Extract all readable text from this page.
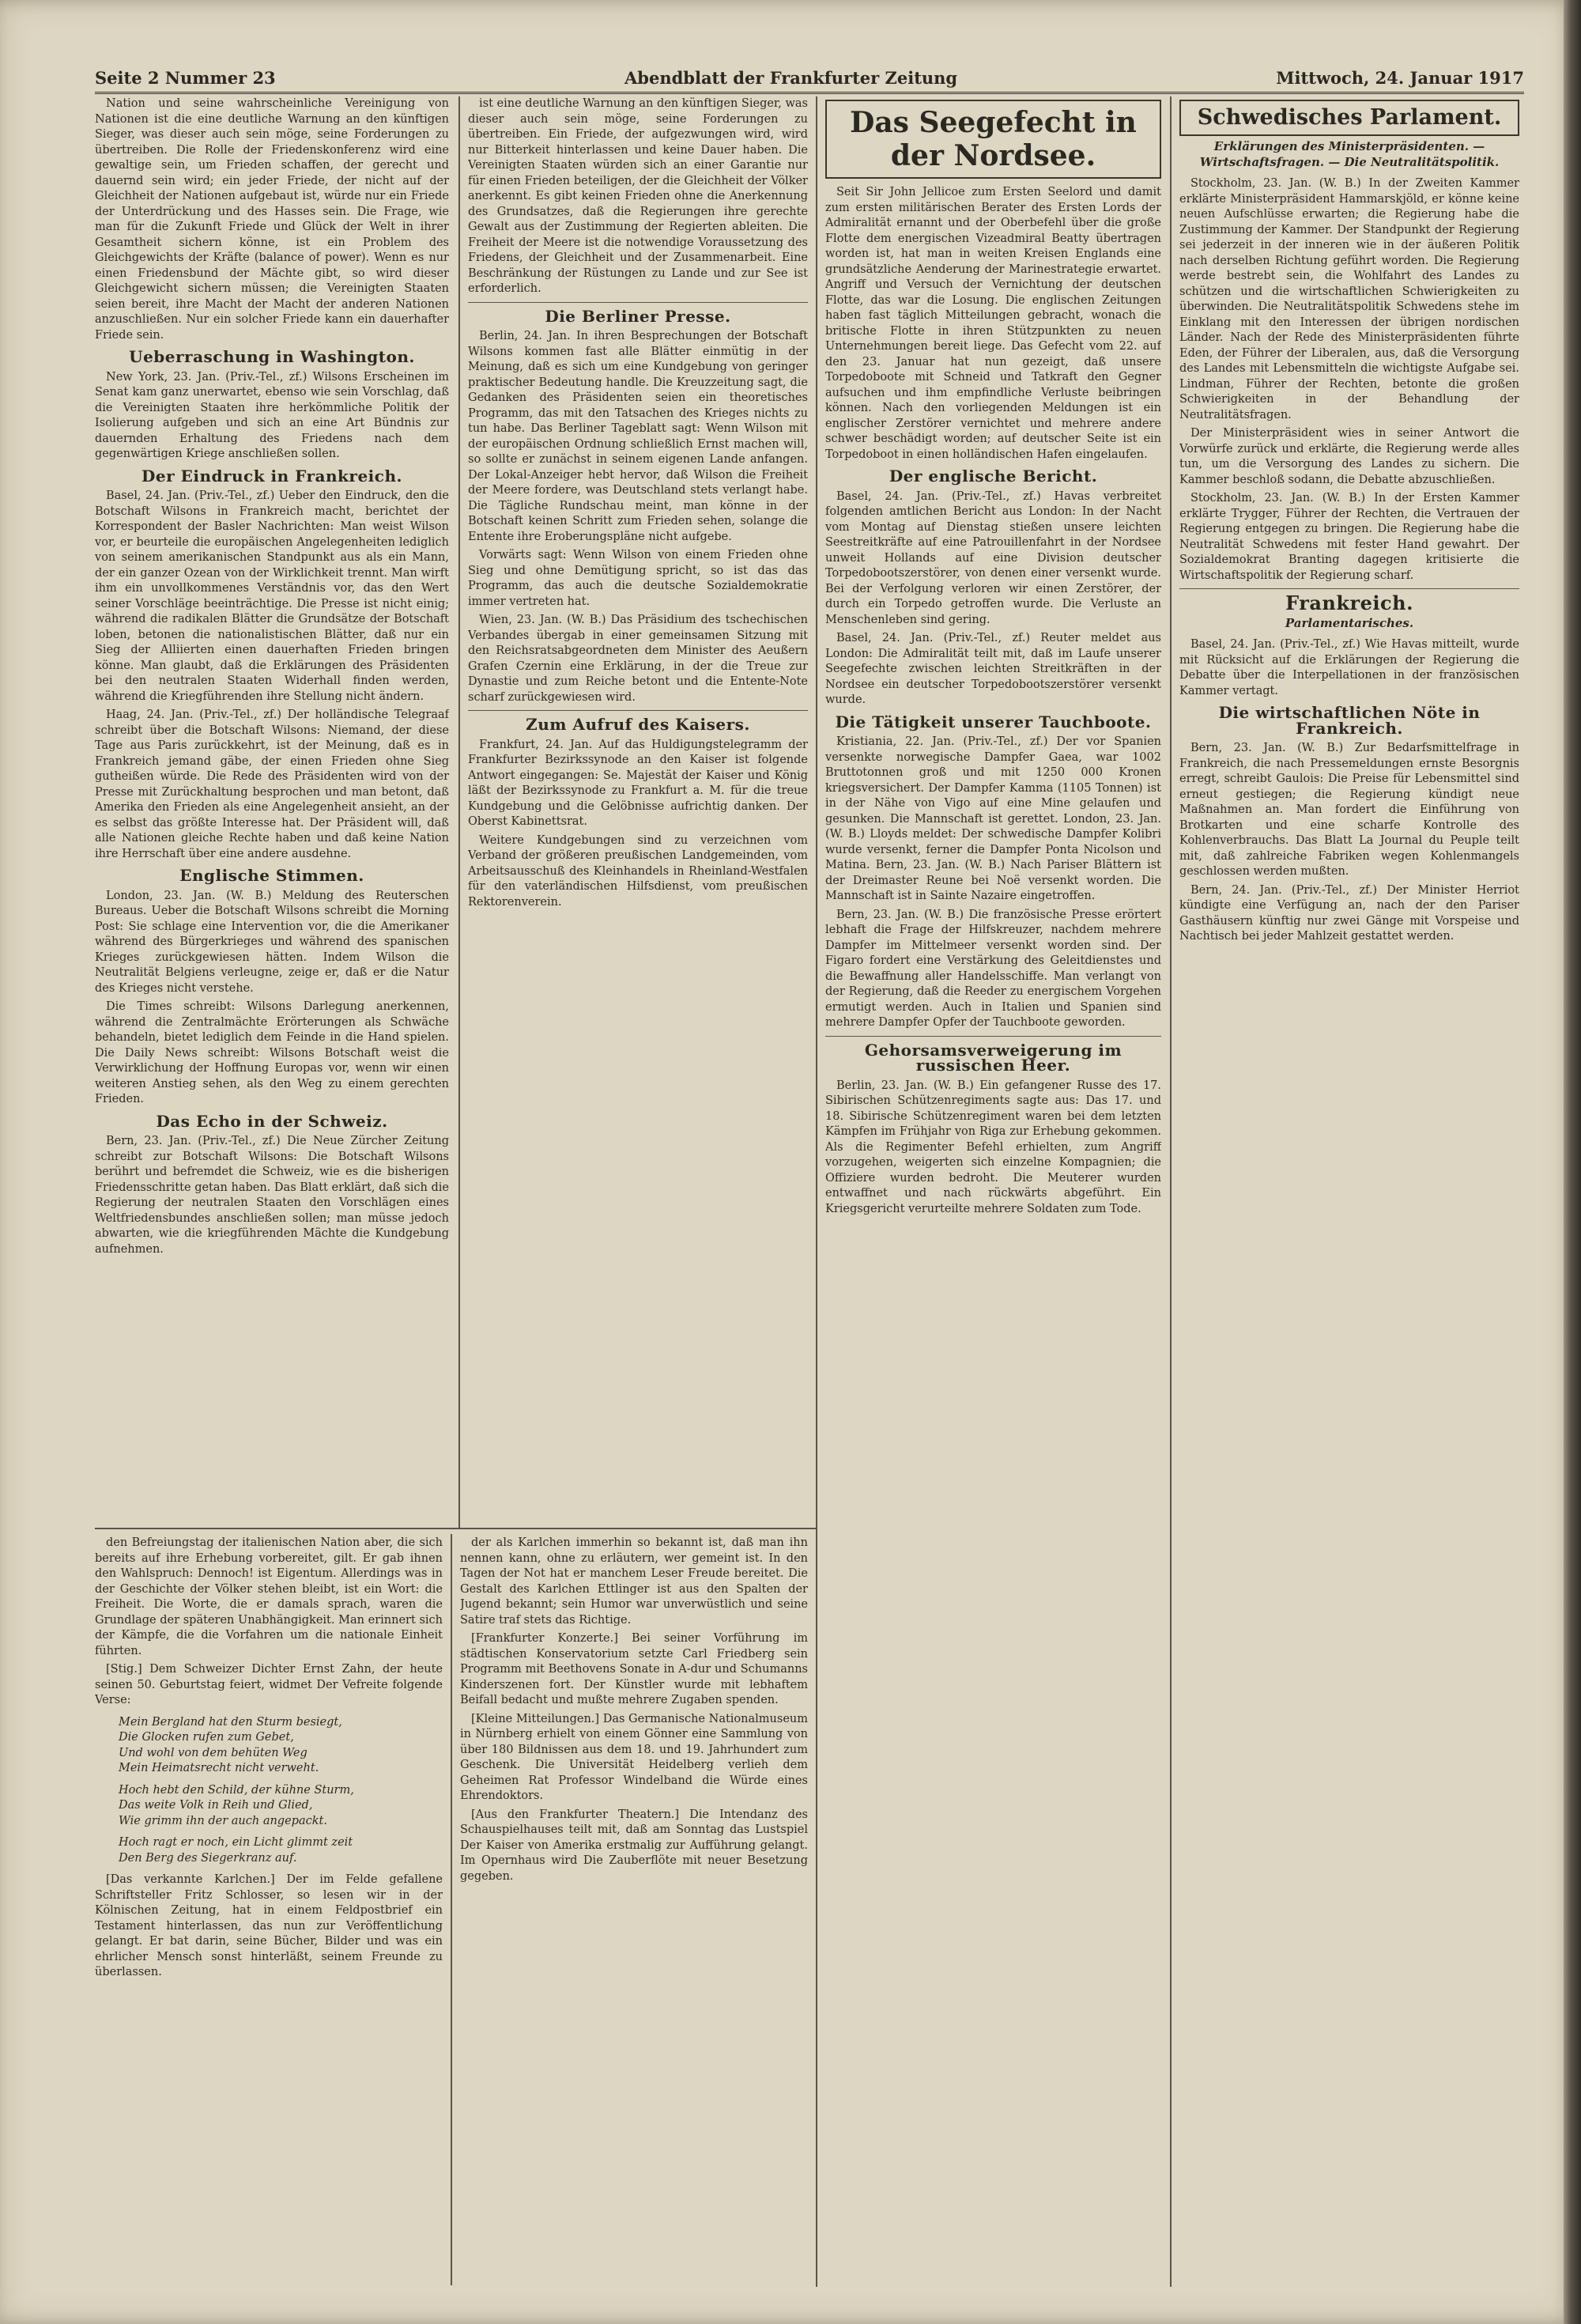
Seite 2 Nummer 23	Abendblatt der Frankfurter Zeitung	Mittwoch, 24. Januar 1917

Nation und seine wahrscheinliche Vereinigung von Nationen ist die eine deutliche Warnung an den künftigen Sieger, was dieser auch sein möge, seine Forderungen zu übertreiben. Die Rolle der Friedenskonferenz wird eine gewaltige sein, um Frieden schaffen, der gerecht und dauernd sein wird; ein jeder Friede, der nicht auf der Gleichheit der Nationen aufgebaut ist, würde nur ein Friede der Unterdrückung und des Hasses sein. Die Frage, wie man für die Zukunft Friede und Glück der Welt in ihrer Gesamtheit sichern könne, ist ein Problem des Gleichgewichts der Kräfte (balance of power). Wenn es nur einen Friedensbund der Mächte gibt, so wird dieser Gleichgewicht sichern müssen; die Vereinigten Staaten seien bereit, ihre Macht der Macht der anderen Nationen anzuschließen. Nur ein solcher Friede kann ein dauerhafter Friede sein.

Ueberraschung in Washington.

New York, 23. Jan. (Priv.-Tel., zf.) Wilsons Erscheinen im Senat kam ganz unerwartet, ebenso wie sein Vorschlag, daß die Vereinigten Staaten ihre herkömmliche Politik der Isolierung aufgeben und sich an eine Art Bündnis zur dauernden Erhaltung des Friedens nach dem gegenwärtigen Kriege anschließen sollen.

Der Eindruck in Frankreich.

Basel, 24. Jan. (Priv.-Tel., zf.) Ueber den Eindruck, den die Botschaft Wilsons in Frankreich macht, berichtet der Korrespondent der Basler Nachrichten: Man weist Wilson vor, er beurteile die europäischen Angelegenheiten lediglich von seinem amerikanischen Standpunkt aus als ein Mann, der ein ganzer Ozean von der Wirklichkeit trennt. Man wirft ihm ein unvollkommenes Verständnis vor, das den Wert seiner Vorschläge beeinträchtige. Die Presse ist nicht einig; während die radikalen Blätter die Grundsätze der Botschaft loben, betonen die nationalistischen Blätter, daß nur ein Sieg der Alliierten einen dauerhaften Frieden bringen könne. Man glaubt, daß die Erklärungen des Präsidenten bei den neutralen Staaten Widerhall finden werden, während die Kriegführenden ihre Stellung nicht ändern.

Haag, 24. Jan. (Priv.-Tel., zf.) Der holländische Telegraaf schreibt über die Botschaft Wilsons: Niemand, der diese Tage aus Paris zurückkehrt, ist der Meinung, daß es in Frankreich jemand gäbe, der einen Frieden ohne Sieg gutheißen würde. Die Rede des Präsidenten wird von der Presse mit Zurückhaltung besprochen und man betont, daß Amerika den Frieden als eine Angelegenheit ansieht, an der es selbst das größte Interesse hat. Der Präsident will, daß alle Nationen gleiche Rechte haben und daß keine Nation ihre Herrschaft über eine andere ausdehne.

Englische Stimmen.

London, 23. Jan. (W. B.) Meldung des Reuterschen Bureaus. Ueber die Botschaft Wilsons schreibt die Morning Post: Sie schlage eine Intervention vor, die die Amerikaner während des Bürgerkrieges und während des spanischen Krieges zurückgewiesen hätten. Indem Wilson die Neutralität Belgiens verleugne, zeige er, daß er die Natur des Krieges nicht verstehe.

Die Times schreibt: Wilsons Darlegung anerkennen, während die Zentralmächte Erörterungen als Schwäche behandeln, bietet lediglich dem Feinde in die Hand spielen. Die Daily News schreibt: Wilsons Botschaft weist die Verwirklichung der Hoffnung Europas vor, wenn wir einen weiteren Anstieg sehen, als den Weg zu einem gerechten Frieden.

Das Echo in der Schweiz.

Bern, 23. Jan. (Priv.-Tel., zf.) Die Neue Zürcher Zeitung schreibt zur Botschaft Wilsons: Die Botschaft Wilsons berührt und befremdet die Schweiz, wie es die bisherigen Friedensschritte getan haben. Das Blatt erklärt, daß sich die Regierung der neutralen Staaten den Vorschlägen eines Weltfriedensbundes anschließen sollen; man müsse jedoch abwarten, wie die kriegführenden Mächte die Kundgebung aufnehmen.

ist eine deutliche Warnung an den künftigen Sieger, was dieser auch sein möge, seine Forderungen zu übertreiben. Ein Friede, der aufgezwungen wird, wird nur Bitterkeit hinterlassen und keine Dauer haben. Die Vereinigten Staaten würden sich an einer Garantie nur für einen Frieden beteiligen, der die Gleichheit der Völker anerkennt. Es gibt keinen Frieden ohne die Anerkennung des Grundsatzes, daß die Regierungen ihre gerechte Gewalt aus der Zustimmung der Regierten ableiten. Die Freiheit der Meere ist die notwendige Voraussetzung des Friedens, der Gleichheit und der Zusammenarbeit. Eine Beschränkung der Rüstungen zu Lande und zur See ist erforderlich.

Die Berliner Presse.

Berlin, 24. Jan. In ihren Besprechungen der Botschaft Wilsons kommen fast alle Blätter einmütig in der Meinung, daß es sich um eine Kundgebung von geringer praktischer Bedeutung handle. Die Kreuzzeitung sagt, die Gedanken des Präsidenten seien ein theoretisches Programm, das mit den Tatsachen des Krieges nichts zu tun habe. Das Berliner Tageblatt sagt: Wenn Wilson mit der europäischen Ordnung schließlich Ernst machen will, so sollte er zunächst in seinem eigenen Lande anfangen. Der Lokal-Anzeiger hebt hervor, daß Wilson die Freiheit der Meere fordere, was Deutschland stets verlangt habe. Die Tägliche Rundschau meint, man könne in der Botschaft keinen Schritt zum Frieden sehen, solange die Entente ihre Eroberungspläne nicht aufgebe.

Vorwärts sagt: Wenn Wilson von einem Frieden ohne Sieg und ohne Demütigung spricht, so ist das das Programm, das auch die deutsche Sozialdemokratie immer vertreten hat.

Wien, 23. Jan. (W. B.) Das Präsidium des tschechischen Verbandes übergab in einer gemeinsamen Sitzung mit den Reichsratsabgeordneten dem Minister des Aeußern Grafen Czernin eine Erklärung, in der die Treue zur Dynastie und zum Reiche betont und die Entente-Note scharf zurückgewiesen wird.

Zum Aufruf des Kaisers.

Frankfurt, 24. Jan. Auf das Huldigungstelegramm der Frankfurter Bezirkssynode an den Kaiser ist folgende Antwort eingegangen: Se. Majestät der Kaiser und König läßt der Bezirkssynode zu Frankfurt a. M. für die treue Kundgebung und die Gelöbnisse aufrichtig danken. Der Oberst Kabinettsrat.

Weitere Kundgebungen sind zu verzeichnen vom Verband der größeren preußischen Landgemeinden, vom Arbeitsausschuß des Kleinhandels in Rheinland-Westfalen für den vaterländischen Hilfsdienst, vom preußischen Rektorenverein.

Das Seegefecht in der Nordsee.

Seit Sir John Jellicoe zum Ersten Seelord und damit zum ersten militärischen Berater des Ersten Lords der Admiralität ernannt und der Oberbefehl über die große Flotte dem energischen Vizeadmiral Beatty übertragen worden ist, hat man in weiten Kreisen Englands eine grundsätzliche Aenderung der Marinestrategie erwartet. Angriff und Versuch der Vernichtung der deutschen Flotte, das war die Losung. Die englischen Zeitungen haben fast täglich Mitteilungen gebracht, wonach die britische Flotte in ihren Stützpunkten zu neuen Unternehmungen bereit liege. Das Gefecht vom 22. auf den 23. Januar hat nun gezeigt, daß unsere Torpedoboote mit Schneid und Tatkraft den Gegner aufsuchen und ihm empfindliche Verluste beibringen können. Nach den vorliegenden Meldungen ist ein englischer Zerstörer vernichtet und mehrere andere schwer beschädigt worden; auf deutscher Seite ist ein Torpedoboot in einen holländischen Hafen eingelaufen.

Der englische Bericht.

Basel, 24. Jan. (Priv.-Tel., zf.) Havas verbreitet folgenden amtlichen Bericht aus London: In der Nacht vom Montag auf Dienstag stießen unsere leichten Seestreitkräfte auf eine Patrouillenfahrt in der Nordsee unweit Hollands auf eine Division deutscher Torpedobootszerstörer, von denen einer versenkt wurde. Bei der Verfolgung verloren wir einen Zerstörer, der durch ein Torpedo getroffen wurde. Die Verluste an Menschenleben sind gering.

Basel, 24. Jan. (Priv.-Tel., zf.) Reuter meldet aus London: Die Admiralität teilt mit, daß im Laufe unserer Seegefechte zwischen leichten Streitkräften in der Nordsee ein deutscher Torpedobootszerstörer versenkt wurde.

Die Tätigkeit unserer Tauchboote.

Kristiania, 22. Jan. (Priv.-Tel., zf.) Der vor Spanien versenkte norwegische Dampfer Gaea, war 1002 Bruttotonnen groß und mit 1250 000 Kronen kriegsversichert. Der Dampfer Kamma (1105 Tonnen) ist in der Nähe von Vigo auf eine Mine gelaufen und gesunken. Die Mannschaft ist gerettet. London, 23. Jan. (W. B.) Lloyds meldet: Der schwedische Dampfer Kolibri wurde versenkt, ferner die Dampfer Ponta Nicolson und Matina. Bern, 23. Jan. (W. B.) Nach Pariser Blättern ist der Dreimaster Reune bei Noë versenkt worden. Die Mannschaft ist in Sainte Nazaire eingetroffen.

Bern, 23. Jan. (W. B.) Die französische Presse erörtert lebhaft die Frage der Hilfskreuzer, nachdem mehrere Dampfer im Mittelmeer versenkt worden sind. Der Figaro fordert eine Verstärkung des Geleitdienstes und die Bewaffnung aller Handelsschiffe. Man verlangt von der Regierung, daß die Reeder zu energischem Vorgehen ermutigt werden. Auch in Italien und Spanien sind mehrere Dampfer Opfer der Tauchboote geworden.

Gehorsamsverweigerung im russischen Heer.

Berlin, 23. Jan. (W. B.) Ein gefangener Russe des 17. Sibirischen Schützenregiments sagte aus: Das 17. und 18. Sibirische Schützenregiment waren bei dem letzten Kämpfen im Frühjahr von Riga zur Erhebung gekommen. Als die Regimenter Befehl erhielten, zum Angriff vorzugehen, weigerten sich einzelne Kompagnien; die Offiziere wurden bedroht. Die Meuterer wurden entwaffnet und nach rückwärts abgeführt. Ein Kriegsgericht verurteilte mehrere Soldaten zum Tode.

Schwedisches Parlament.
Erklärungen des Ministerpräsidenten. — Wirtschaftsfragen. — Die Neutralitätspolitik.

Stockholm, 23. Jan. (W. B.) In der Zweiten Kammer erklärte Ministerpräsident Hammarskjöld, er könne keine neuen Aufschlüsse erwarten; die Regierung habe die Zustimmung der Kammer. Der Standpunkt der Regierung sei jederzeit in der inneren wie in der äußeren Politik nach derselben Richtung geführt worden. Die Regierung werde bestrebt sein, die Wohlfahrt des Landes zu schützen und die wirtschaftlichen Schwierigkeiten zu überwinden. Die Neutralitätspolitik Schwedens stehe im Einklang mit den Interessen der übrigen nordischen Länder. Nach der Rede des Ministerpräsidenten führte Eden, der Führer der Liberalen, aus, daß die Versorgung des Landes mit Lebensmitteln die wichtigste Aufgabe sei. Lindman, Führer der Rechten, betonte die großen Schwierigkeiten in der Behandlung der Neutralitätsfragen.

Der Ministerpräsident wies in seiner Antwort die Vorwürfe zurück und erklärte, die Regierung werde alles tun, um die Versorgung des Landes zu sichern. Die Kammer beschloß sodann, die Debatte abzuschließen.

Stockholm, 23. Jan. (W. B.) In der Ersten Kammer erklärte Trygger, Führer der Rechten, die Vertrauen der Regierung entgegen zu bringen. Die Regierung habe die Neutralität Schwedens mit fester Hand gewahrt. Der Sozialdemokrat Branting dagegen kritisierte die Wirtschaftspolitik der Regierung scharf.

Frankreich.
Parlamentarisches.

Basel, 24. Jan. (Priv.-Tel., zf.) Wie Havas mitteilt, wurde mit Rücksicht auf die Erklärungen der Regierung die Debatte über die Interpellationen in der französischen Kammer vertagt.

Die wirtschaftlichen Nöte in Frankreich.

Bern, 23. Jan. (W. B.) Zur Bedarfsmittelfrage in Frankreich, die nach Pressemeldungen ernste Besorgnis erregt, schreibt Gaulois: Die Preise für Lebensmittel sind erneut gestiegen; die Regierung kündigt neue Maßnahmen an. Man fordert die Einführung von Brotkarten und eine scharfe Kontrolle des Kohlenverbrauchs. Das Blatt La Journal du Peuple teilt mit, daß zahlreiche Fabriken wegen Kohlenmangels geschlossen werden mußten.

Bern, 24. Jan. (Priv.-Tel., zf.) Der Minister Herriot kündigte eine Verfügung an, nach der den Pariser Gasthäusern künftig nur zwei Gänge mit Vorspeise und Nachtisch bei jeder Mahlzeit gestattet werden.

den Befreiungstag der italienischen Nation aber, die sich bereits auf ihre Erhebung vorbereitet, gilt. Er gab ihnen den Wahlspruch: Dennoch! ist Eigentum. Allerdings was in der Geschichte der Völker stehen bleibt, ist ein Wort: die Freiheit. Die Worte, die er damals sprach, waren die Grundlage der späteren Unabhängigkeit. Man erinnert sich der Kämpfe, die die Vorfahren um die nationale Einheit führten.

[Stig.] Dem Schweizer Dichter Ernst Zahn, der heute seinen 50. Geburtstag feiert, widmet Der Vefreite folgende Verse:

Mein Bergland hat den Sturm besiegt,
Die Glocken rufen zum Gebet,
Und wohl von dem behüten Weg
Mein Heimatsrecht nicht verweht.
Hoch hebt den Schild, der kühne Sturm,
Das weite Volk in Reih und Glied,
Wie grimm ihn der auch angepackt.
Hoch ragt er noch, ein Licht glimmt zeit
Den Berg des Siegerkranz auf.

[Das verkannte Karlchen.] Der im Felde gefallene Schriftsteller Fritz Schlosser, so lesen wir in der Kölnischen Zeitung, hat in einem Feldpostbrief ein Testament hinterlassen, das nun zur Veröffentlichung gelangt. Er bat darin, seine Bücher, Bilder und was ein ehrlicher Mensch sonst hinterläßt, seinem Freunde zu überlassen.

der als Karlchen immerhin so bekannt ist, daß man ihn nennen kann, ohne zu erläutern, wer gemeint ist. In den Tagen der Not hat er manchem Leser Freude bereitet. Die Gestalt des Karlchen Ettlinger ist aus den Spalten der Jugend bekannt; sein Humor war unverwüstlich und seine Satire traf stets das Richtige.

[Frankfurter Konzerte.] Bei seiner Vorführung im städtischen Konservatorium setzte Carl Friedberg sein Programm mit Beethovens Sonate in A-dur und Schumanns Kinderszenen fort. Der Künstler wurde mit lebhaftem Beifall bedacht und mußte mehrere Zugaben spenden.

[Kleine Mitteilungen.] Das Germanische Nationalmuseum in Nürnberg erhielt von einem Gönner eine Sammlung von über 180 Bildnissen aus dem 18. und 19. Jahrhundert zum Geschenk. Die Universität Heidelberg verlieh dem Geheimen Rat Professor Windelband die Würde eines Ehrendoktors.

[Aus den Frankfurter Theatern.] Die Intendanz des Schauspielhauses teilt mit, daß am Sonntag das Lustspiel Der Kaiser von Amerika erstmalig zur Aufführung gelangt. Im Opernhaus wird Die Zauberflöte mit neuer Besetzung gegeben.
